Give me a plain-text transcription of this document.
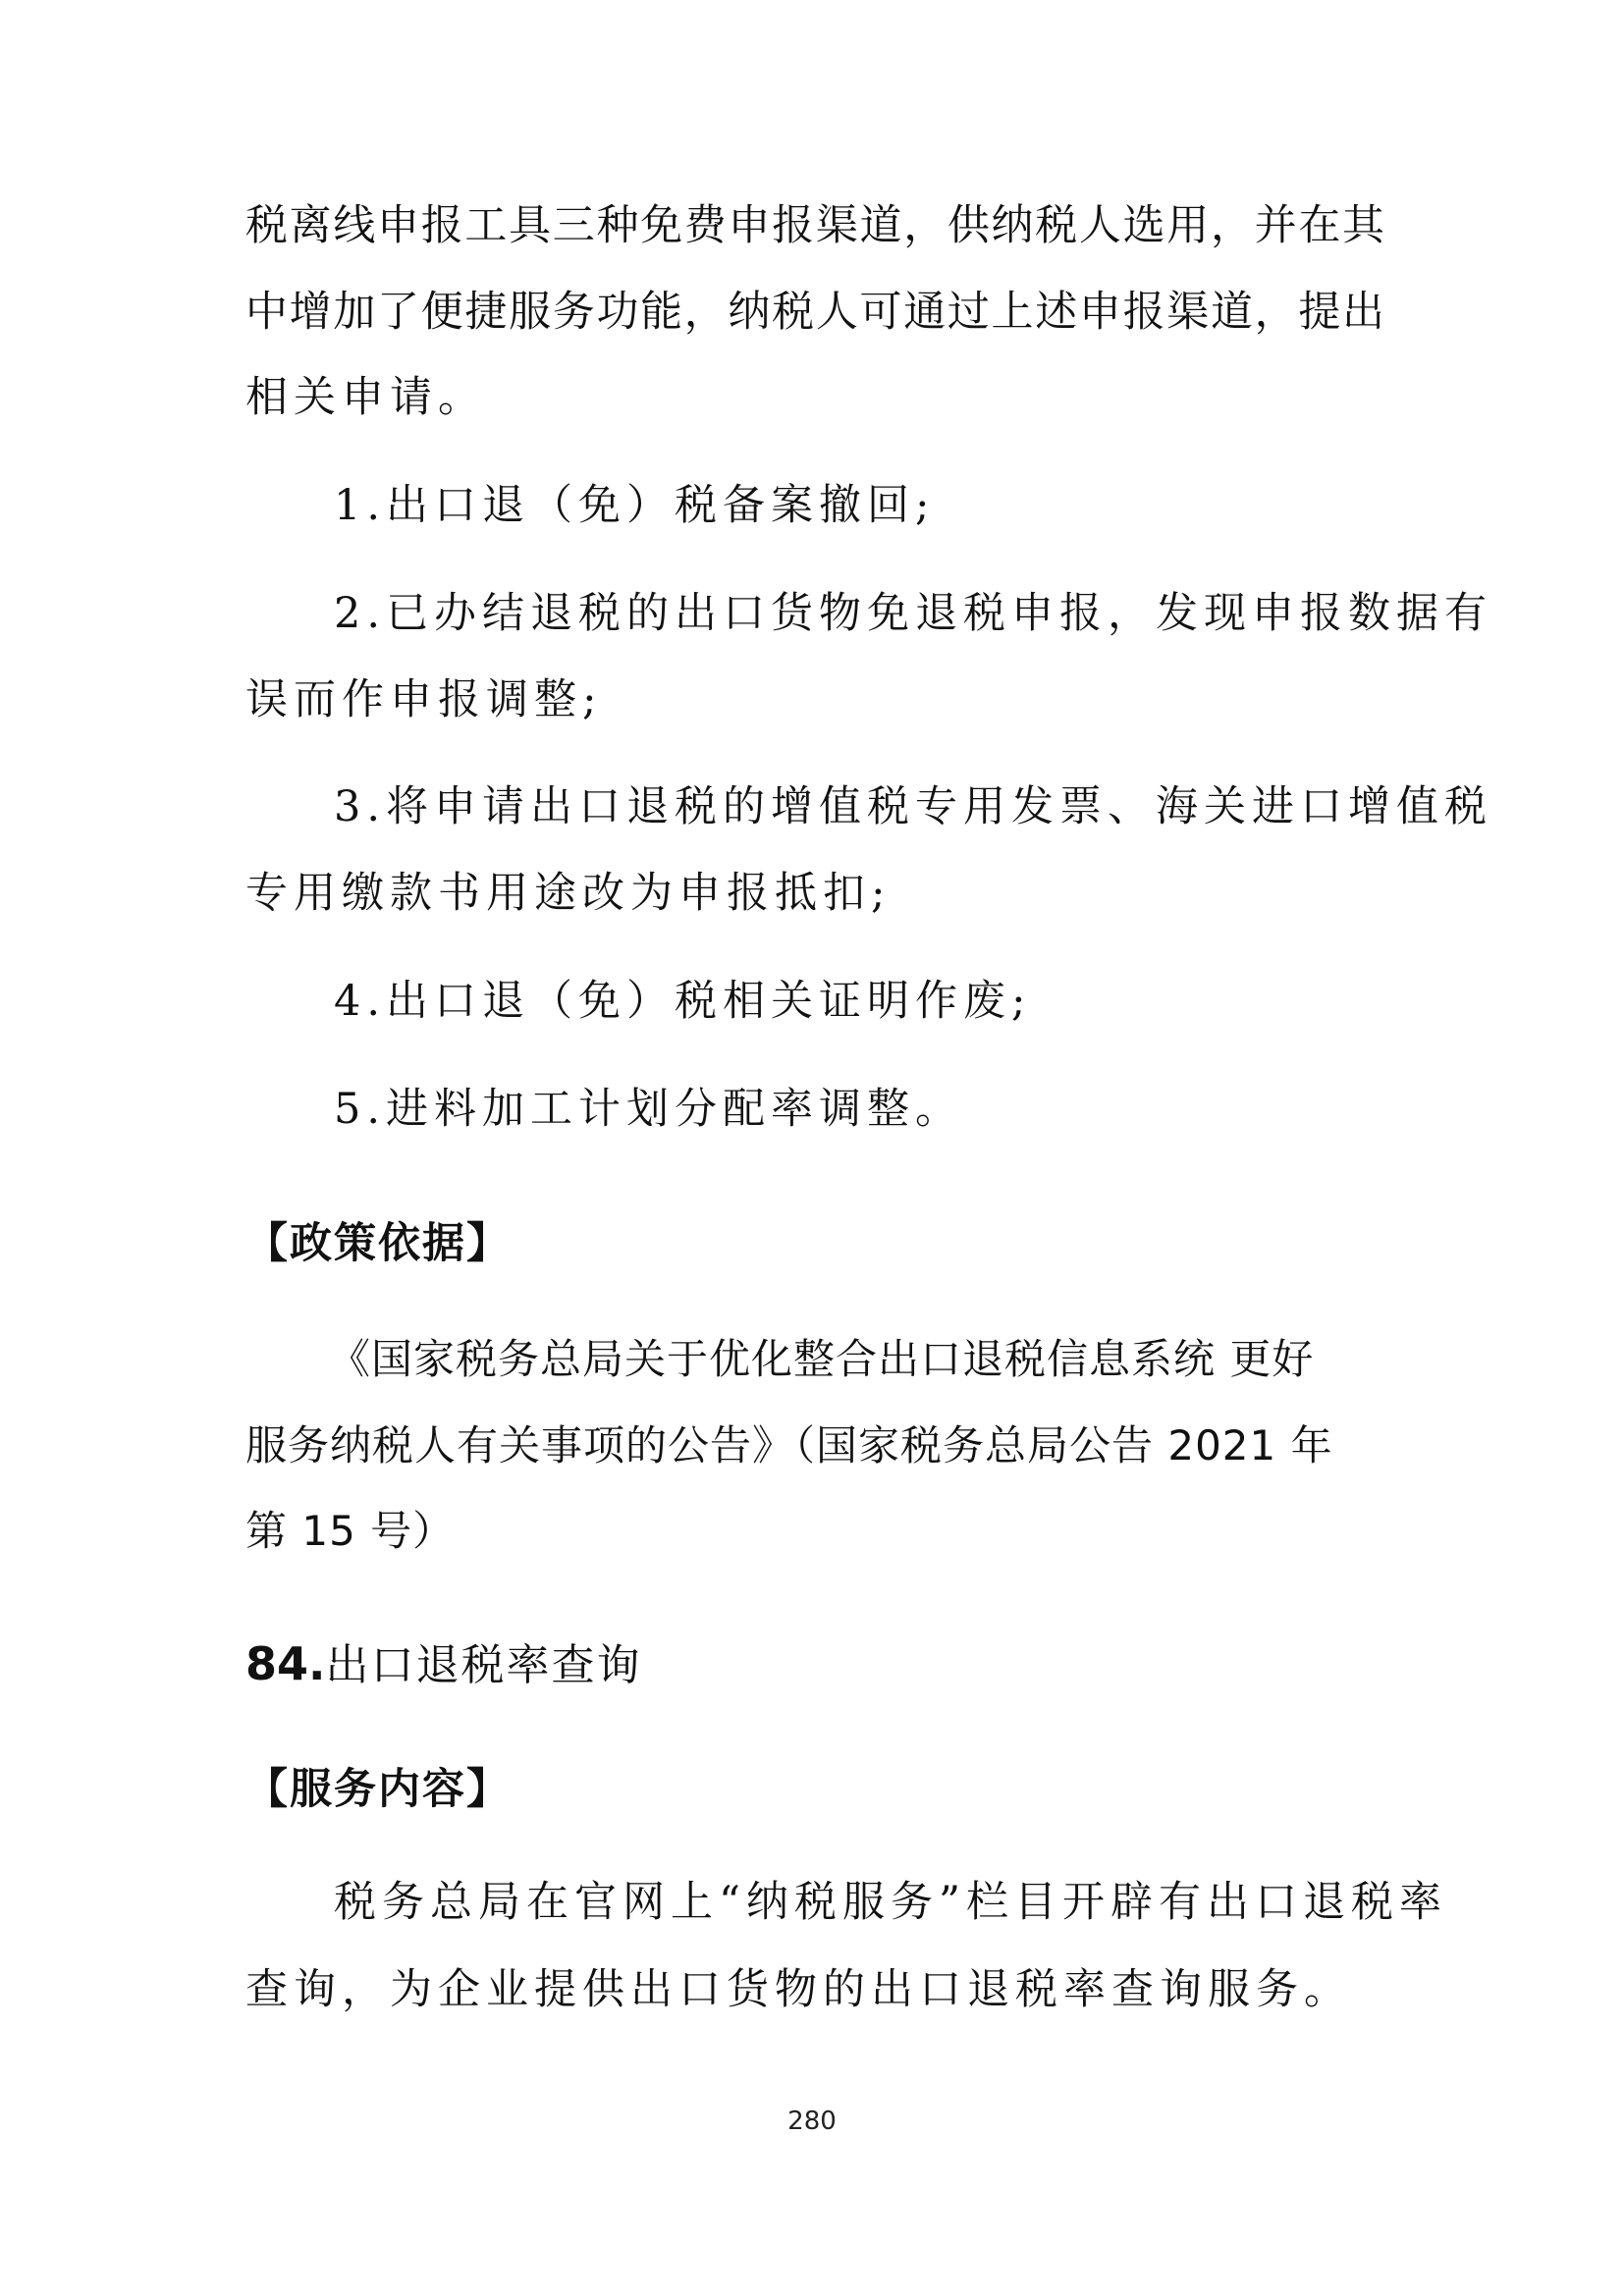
税离线申报工具三种免费申报渠道，供纳税人选用，并在其
中增加了便捷服务功能，纳税人可通过上述申报渠道，提出
相关申请。
1.出口退（免）税备案撤回;
2.已办结退税的出口货物免退税申报，发现申报数据有
误而作申报调整;
3.将申请出口退税的增值税专用发票、海关进口增值税
专用缴款书用途改为申报抵扣;
4.出口退（免）税相关证明作废;
5.进料加工计划分配率调整。
【政策依据】
《国家税务总局关于优化整合出口退税信息系统 更好
服务纳税人有关事项的公告》（国家税务总局公告 2021 年
第 15 号）
84.出口退税率查询
【服务内容】
税务总局在官网上“纳税服务”栏目开辟有出口退税率
查询，为企业提供出口货物的出口退税率查询服务。
280
